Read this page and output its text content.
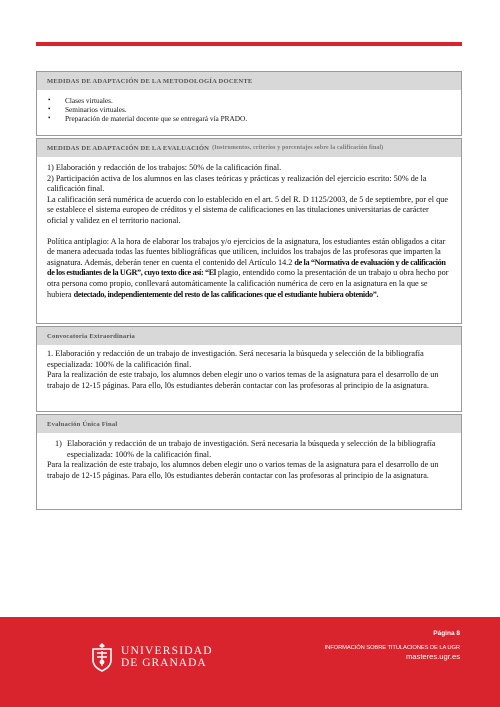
MEDIDAS DE ADAPTACIÓN DE LA METODOLOGÍA DOCENTE
• Clases virtuales.
• Seminarios virtuales.
• Preparación de material docente que se entregará vía PRADO.
MEDIDAS DE ADAPTACIÓN DE LA EVALUACIÓN (Instrumentos, criterios y porcentajes sobre la calificación final)

1) Elaboración y redacción de los trabajos: 50% de la calificación final.

2) Participación activa de los alumnos en las clases teóricas y prácticas y realización del ejercicio escrito: 50% de la calificación final.

La calificación será numérica de acuerdo con lo establecido en el art. 5 del R. D 1125/2003, de 5 de septiembre, por el que se establece el sistema europeo de créditos y el sistema de calificaciones en las titulaciones universitarias de carácter oficial y validez en el territorio nacional.

Política antiplagio: A la hora de elaborar los trabajos y/o ejercicios de la asignatura, los estudiantes están obligados a citar de manera adecuada todas las fuentes bibliográficas que utilicen, incluidos los trabajos de las profesoras que imparten la asignatura. Además, deberán tener en cuenta el contenido del Artículo 14.2 de la “Normativa de evaluación y de calificación de los estudiantes de la UGR”, cuyo texto dice así: “El plagio, entendido como la presentación de un trabajo u obra hecho por otra persona como propio, conllevará automáticamente la calificación numérica de cero en la asignatura en la que se hubiera detectado, independientemente del resto de las calificaciones que el estudiante hubiera obtenido”.

Convocatoria Extraordinaria

1. Elaboración y redacción de un trabajo de investigación. Será necesaria la búsqueda y selección de la bibliografía especializada: 100% de la calificación final.

Para la realización de este trabajo, los alumnos deben elegir uno o varios temas de la asignatura para el desarrollo de un trabajo de 12-15 páginas. Para ello, l0s estudiantes deberán contactar con las profesoras al principio de la asignatura.

Evaluación Única Final
1) Elaboración y redacción de un trabajo de investigación. Será necesaria la búsqueda y selección de la bibliografía especializada: 100% de la calificación final.

Para la realización de este trabajo, los alumnos deben elegir uno o varios temas de la asignatura para el desarrollo de un trabajo de 12-15 páginas. Para ello, l0s estudiantes deberán contactar con las profesoras al principio de la asignatura.

UNIVERSIDAD
DE GRANADA
Página 8
INFORMACIÓN SOBRE TITULACIONES DE LA UGR
masteres.ugr.es
